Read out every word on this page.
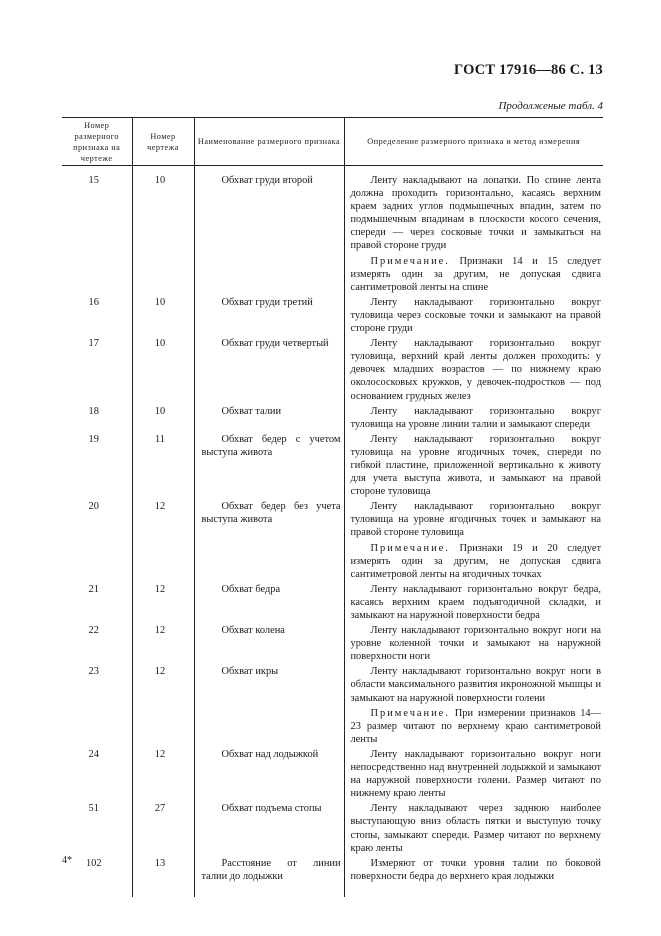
ГОСТ 17916—86 С. 13
Продолженые табл. 4
Номер размерного признака на чертеже	Номер чертежа	Наименование размерного признака	Определение размерного признака и метод измерения
15	10	Обхват груди второй	Ленту накладывают на лопатки. По спине лента должна проходить горизонтально, касаясь верхним краем задних углов подмышечных впадин, затем по подмышечным впадинам в плоскости косого сечения, спереди — через сосковые точки и замыкаться на правой стороне груди

Примечание. Признаки 14 и 15 следует измерять один за другим, не допуская сдвига сантиметровой ленты на спине

16	10	Обхват груди третий	Ленту накладывают горизонтально вокруг туловища через сосковые точки и замыкают на правой стороне груди

17	10	Обхват груди четвертый	Ленту накладывают горизонтально вокруг туловища, верхний край ленты должен проходить: у девочек младших возрастов — по нижнему краю околососковых кружков, у девочек-подростков — под основанием грудных желез

18	10	Обхват талии	Ленту накладывают горизонтально вокруг туловища на уровне линии талии и замыкают спереди

19	11	Обхват бедер с учетом выступа живота	Ленту накладывают горизонтально вокруг туловища на уровне ягодичных точек, спереди по гибкой пластине, приложенной вертикально к животу для учета выступа живота, и замыкают на правой стороне туловища

20	12	Обхват бедер без учета выступа живота	Ленту накладывают горизонтально вокруг туловища на уровне ягодичных точек и замыкают на правой стороне туловища

Примечание. Признаки 19 и 20 следует измерять один за другим, не допуская сдвига сантиметровой ленты на ягодичных точках

21	12	Обхват бедра	Ленту накладывают горизонтально вокруг бедра, касаясь верхним краем подъягодичной складки, и замыкают на наружной поверхности бедра

22	12	Обхват колена	Ленту накладывают горизонтально вокруг ноги на уровне коленной точки и замыкают на наружной поверхности ноги

23	12	Обхват икры	Ленту накладывают горизонтально вокруг ноги в области максимального развития икроножной мышцы и замыкают на наружной поверхности голени

Примечание. При измерении признаков 14—23 размер читают по верхнему краю сантиметровой ленты

24	12	Обхват над лодыжкой	Ленту накладывают горизонтально вокруг ноги непосредственно над внутренней лодыжкой и замыкают на наружной поверхности голени. Размер читают по нижнему краю ленты

51	27	Обхват подъема стопы	Ленту накладывают через заднюю наиболее выступающую вниз область пятки и выступую точку стопы, замыкают спереди. Размер читают по верхнему краю ленты

102	13	Расстояние от линии талии до лодыжки	Измеряют от точки уровня талии по боковой поверхности бедра до верхнего края лодыжки

4*
